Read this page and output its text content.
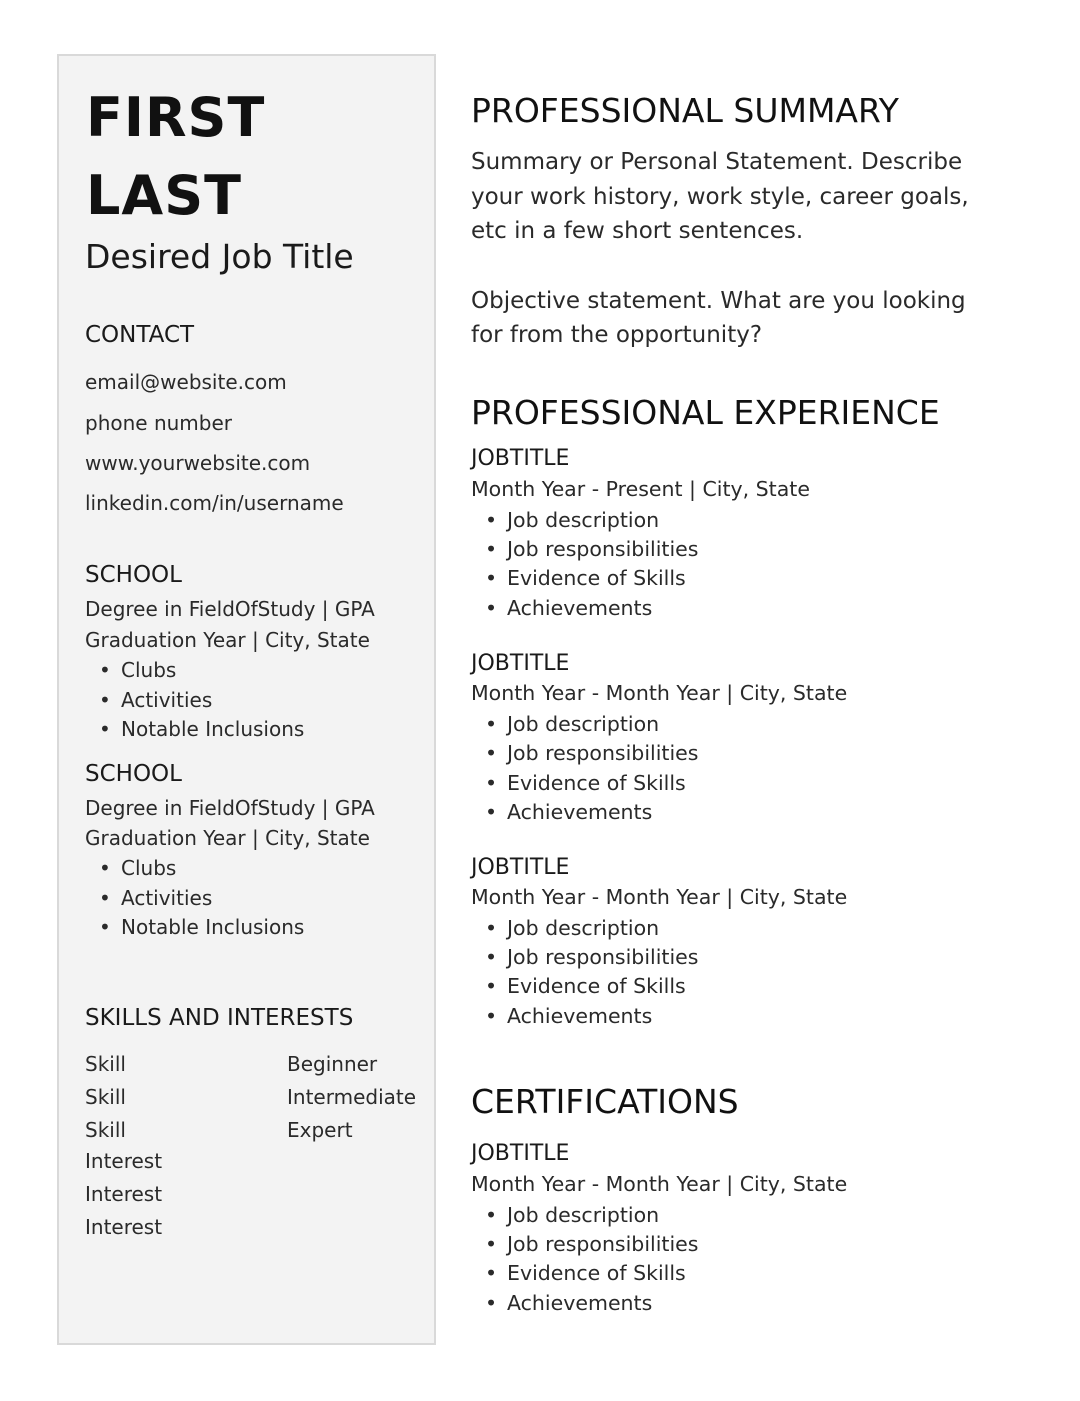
FIRST
LAST
Desired Job Title
CONTACT
email@website.com
phone number
www.yourwebsite.com
linkedin.com/in/username
SCHOOL
Degree in FieldOfStudy | GPA
Graduation Year | City, State
• Clubs
• Activities
• Notable Inclusions
SCHOOL
Degree in FieldOfStudy | GPA
Graduation Year | City, State
• Clubs
• Activities
• Notable Inclusions
SKILLS AND INTERESTS
Skill
Skill
Skill
Interest
Interest
Interest
Beginner
Intermediate
Expert
PROFESSIONAL SUMMARY
Summary or Personal Statement. Describe
your work history, work style, career goals,
etc in a few short sentences.
Objective statement. What are you looking
for from the opportunity?
PROFESSIONAL EXPERIENCE
JOBTITLE
Month Year - Present | City, State
• Job description
• Job responsibilities
• Evidence of Skills
• Achievements
JOBTITLE
Month Year - Month Year | City, State
• Job description
• Job responsibilities
• Evidence of Skills
• Achievements
JOBTITLE
Month Year - Month Year | City, State
• Job description
• Job responsibilities
• Evidence of Skills
• Achievements
CERTIFICATIONS
JOBTITLE
Month Year - Month Year | City, State
• Job description
• Job responsibilities
• Evidence of Skills
• Achievements
